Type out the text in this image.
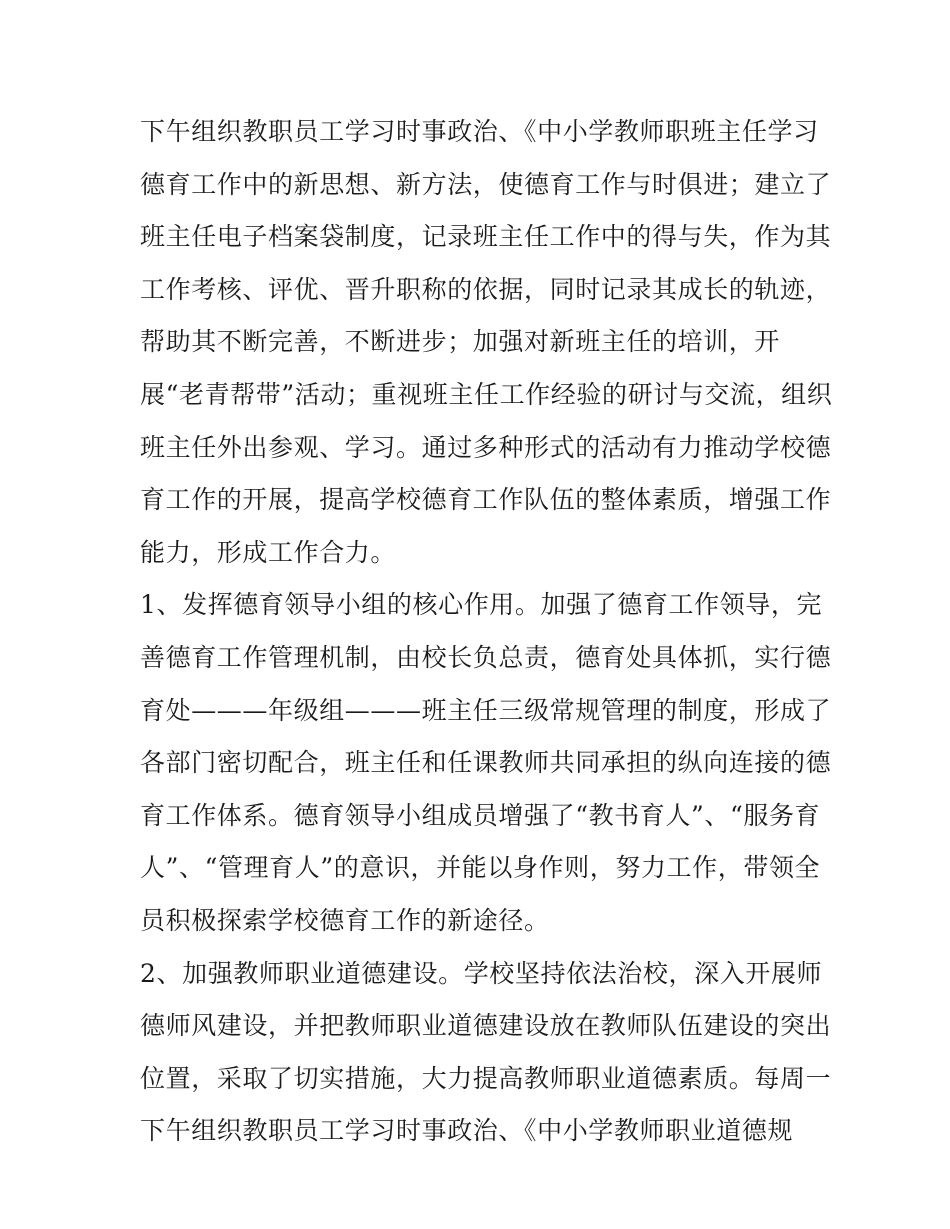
下午组织教职员工学习时事政治、《中小学教师职班主任学习
德育工作中的新思想、新方法，使德育工作与时俱进；建立了
班主任电子档案袋制度，记录班主任工作中的得与失，作为其
工作考核、评优、晋升职称的依据，同时记录其成长的轨迹，
帮助其不断完善，不断进步；加强对新班主任的培训，开
展“老青帮带”活动；重视班主任工作经验的研讨与交流，组织
班主任外出参观、学习。通过多种形式的活动有力推动学校德
育工作的开展，提高学校德育工作队伍的整体素质，增强工作
能力，形成工作合力。
1、发挥德育领导小组的核心作用。加强了德育工作领导，完
善德育工作管理机制，由校长负总责，德育处具体抓，实行德
育处———年级组———班主任三级常规管理的制度，形成了
各部门密切配合，班主任和任课教师共同承担的纵向连接的德
育工作体系。德育领导小组成员增强了“教书育人”、“服务育
人”、“管理育人”的意识，并能以身作则，努力工作，带领全
员积极探索学校德育工作的新途径。
2、加强教师职业道德建设。学校坚持依法治校，深入开展师
德师风建设，并把教师职业道德建设放在教师队伍建设的突出
位置，采取了切实措施，大力提高教师职业道德素质。每周一
下午组织教职员工学习时事政治、《中小学教师职业道德规
